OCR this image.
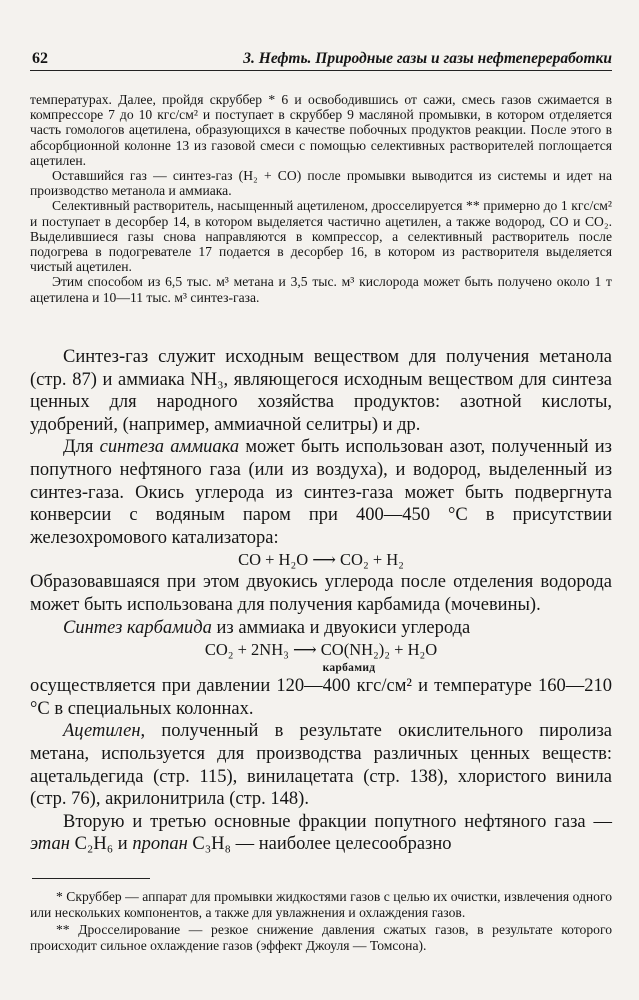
62	3. Нефть. Природные газы и газы нефтепереработки

температурах. Далее, пройдя скруббер * 6 и освободившись от сажи, смесь газов сжимается в компрессоре 7 до 10 кгс/см² и поступает в скруббер 9 масляной промывки, в котором отделяется часть гомологов ацетилена, образующихся в качестве побочных продуктов реакции. После этого в абсорбционной колонне 13 из газовой смеси с помощью селективных растворителей поглощается ацетилен.

Оставшийся газ — синтез-газ (H₂ + CO) после промывки выводится из системы и идет на производство метанола и аммиака.

Селективный растворитель, насыщенный ацетиленом, дросселируется ** примерно до 1 кгс/см² и поступает в десорбер 14, в котором выделяется частично ацетилен, а также водород, CO и CO₂. Выделившиеся газы снова направляются в компрессор, а селективный растворитель после подогрева в подогревателе 17 подается в десорбер 16, в котором из растворителя выделяется чистый ацетилен.

Этим способом из 6,5 тыс. м³ метана и 3,5 тыс. м³ кислорода может быть получено около 1 т ацетилена и 10—11 тыс. м³ синтез-газа.

Синтез-газ служит исходным веществом для получения метанола (стр. 87) и аммиака NH₃, являющегося исходным веществом для синтеза ценных для народного хозяйства продуктов: азотной кислоты, удобрений, (например, аммиачной селитры) и др.

Для синтеза аммиака может быть использован азот, полученный из попутного нефтяного газа (или из воздуха), и водород, выделенный из синтез-газа. Окись углерода из синтез-газа может быть подвергнута конверсии с водяным паром при 400—450 °C в присутствии железохромового катализатора:

CO + H₂O ⟶ CO₂ + H₂

Образовавшаяся при этом двуокись углерода после отделения водорода может быть использована для получения карбамида (мочевины).

Синтез карбамида из аммиака и двуокиси углерода

CO₂ + 2NH₃ ⟶ CO(NH₂)₂ + H₂O
карбамид

осуществляется при давлении 120—400 кгс/см² и температуре 160—210 °C в специальных колоннах.

Ацетилен, полученный в результате окислительного пиролиза метана, используется для производства различных ценных веществ: ацетальдегида (стр. 115), винилацетата (стр. 138), хлористого винила (стр. 76), акрилонитрила (стр. 148).

Вторую и третью основные фракции попутного нефтяного газа — этан C₂H₆ и пропан C₃H₈ — наиболее целесообразно

* Скруббер — аппарат для промывки жидкостями газов с целью их очистки, извлечения одного или нескольких компонентов, а также для увлажнения и охлаждения газов.

** Дросселирование — резкое снижение давления сжатых газов, в результате которого происходит сильное охлаждение газов (эффект Джоуля — Томсона).
